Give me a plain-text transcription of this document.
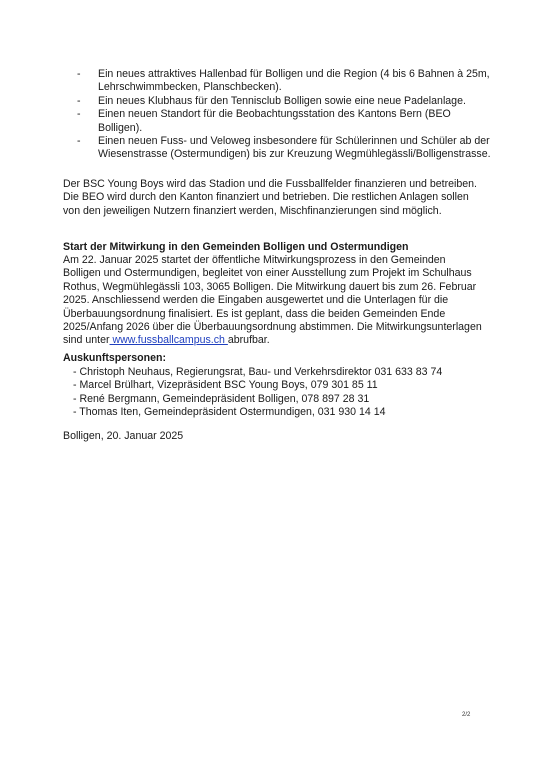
- Ein neues attraktives Hallenbad für Bolligen und die Region (4 bis 6 Bahnen à 25m, Lehrschwimmbecken, Planschbecken).
- Ein neues Klubhaus für den Tennisclub Bolligen sowie eine neue Padelanlage.
- Einen neuen Standort für die Beobachtungsstation des Kantons Bern (BEO Bolligen).
- Einen neuen Fuss- und Veloweg insbesondere für Schülerinnen und Schüler ab der Wiesenstrasse (Ostermundigen) bis zur Kreuzung Wegmühlegässli/Bolligenstrasse.

Der BSC Young Boys wird das Stadion und die Fussballfelder finanzieren und betreiben. Die BEO wird durch den Kanton finanziert und betrieben. Die restlichen Anlagen sollen von den jeweiligen Nutzern finanziert werden, Mischfinanzierungen sind möglich.

Start der Mitwirkung in den Gemeinden Bolligen und Ostermundigen

Am 22. Januar 2025 startet der öffentliche Mitwirkungsprozess in den Gemeinden Bolligen und Ostermundigen, begleitet von einer Ausstellung zum Projekt im Schulhaus Rothus, Wegmühlegässli 103, 3065 Bolligen. Die Mitwirkung dauert bis zum 26. Februar 2025. Anschliessend werden die Eingaben ausgewertet und die Unterlagen für die Überbauungsordnung finalisiert. Es ist geplant, dass die beiden Gemeinden Ende 2025/Anfang 2026 über die Überbauungsordnung abstimmen. Die Mitwirkungsunterlagen sind unter www.fussballcampus.ch abrufbar.

Auskunftspersonen:

- Christoph Neuhaus, Regierungsrat, Bau- und Verkehrsdirektor 031 633 83 74
- Marcel Brülhart, Vizepräsident BSC Young Boys, 079 301 85 11
- René Bergmann, Gemeindepräsident Bolligen, 078 897 28 31
- Thomas Iten, Gemeindepräsident Ostermundigen, 031 930 14 14

Bolligen, 20. Januar 2025

2/2
